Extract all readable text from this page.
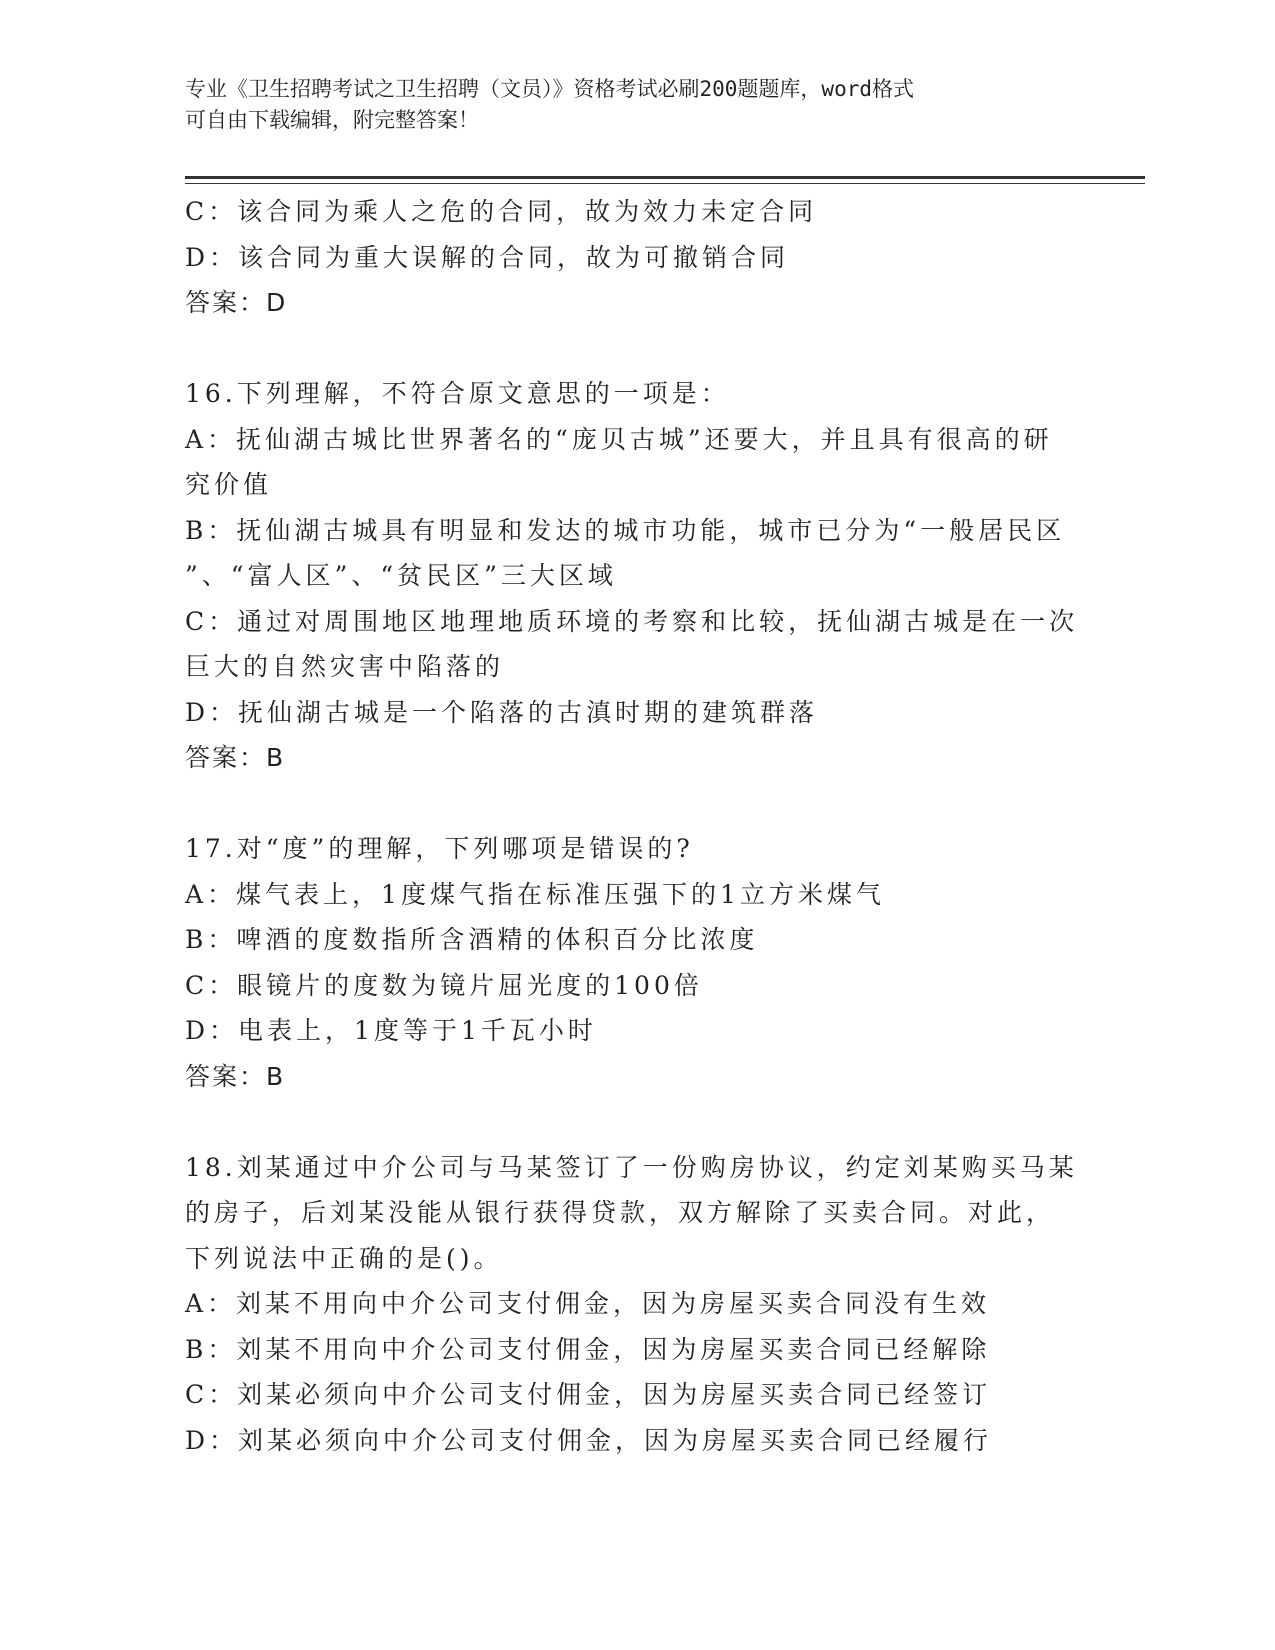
专业《卫生招聘考试之卫生招聘（文员）》资格考试必刷200题题库，word格式
可自由下载编辑，附完整答案！
C：该合同为乘人之危的合同，故为效力未定合同
D：该合同为重大误解的合同，故为可撤销合同
答案：D
16.下列理解，不符合原文意思的一项是：
A：抚仙湖古城比世界著名的“庞贝古城”还要大，并且具有很高的研
究价值
B：抚仙湖古城具有明显和发达的城市功能，城市已分为“一般居民区
”、“富人区”、“贫民区”三大区域
C：通过对周围地区地理地质环境的考察和比较，抚仙湖古城是在一次
巨大的自然灾害中陷落的
D：抚仙湖古城是一个陷落的古滇时期的建筑群落
答案：B
17.对“度”的理解，下列哪项是错误的?
A：煤气表上，1度煤气指在标准压强下的1立方米煤气
B：啤酒的度数指所含酒精的体积百分比浓度
C：眼镜片的度数为镜片屈光度的100倍
D：电表上，1度等于1千瓦小时
答案：B
18.刘某通过中介公司与马某签订了一份购房协议，约定刘某购买马某
的房子，后刘某没能从银行获得贷款，双方解除了买卖合同。对此，
下列说法中正确的是()。
A：刘某不用向中介公司支付佣金，因为房屋买卖合同没有生效
B：刘某不用向中介公司支付佣金，因为房屋买卖合同已经解除
C：刘某必须向中介公司支付佣金，因为房屋买卖合同已经签订
D：刘某必须向中介公司支付佣金，因为房屋买卖合同已经履行
